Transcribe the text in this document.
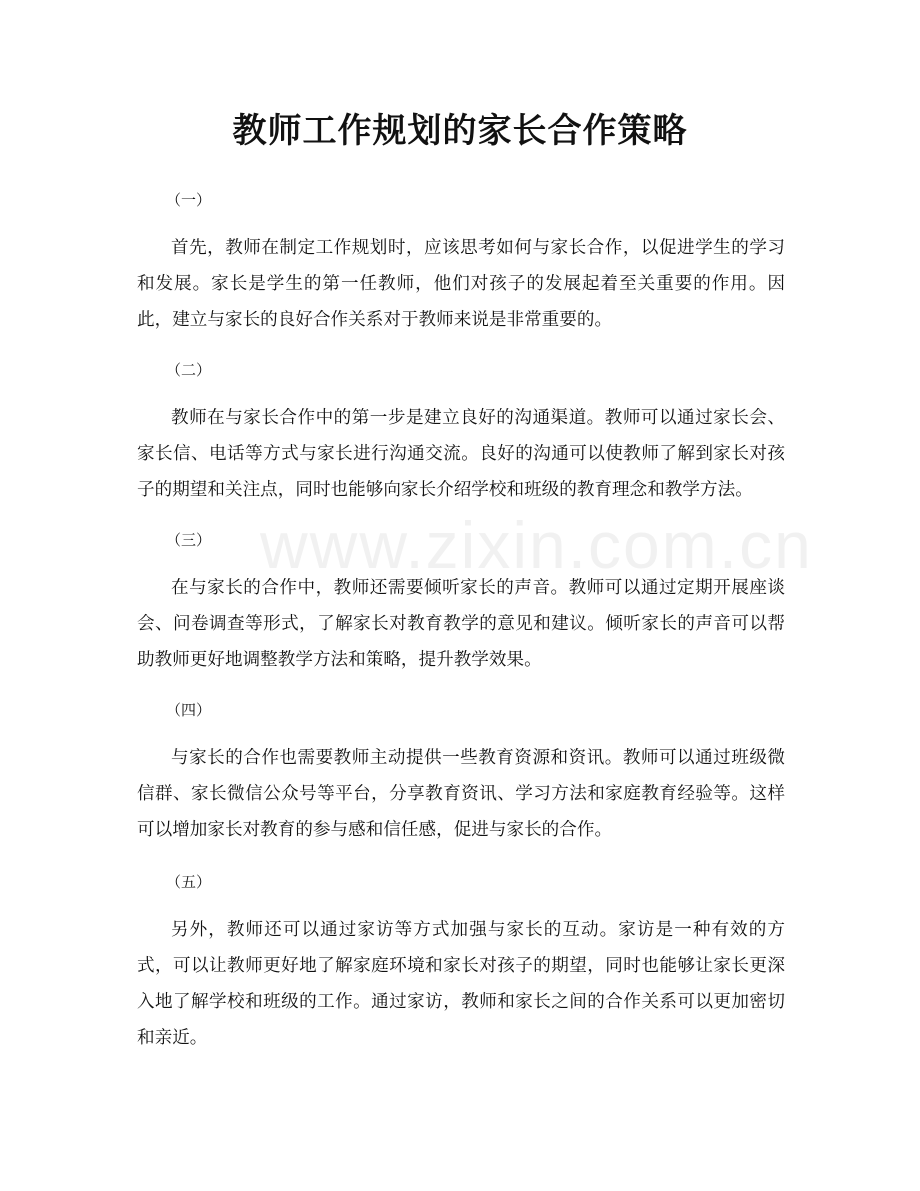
www.zixin.com.cn
教师工作规划的家长合作策略

（一）

首先，教师在制定工作规划时，应该思考如何与家长合作，以促进学生的学习和发展。家长是学生的第一任教师，他们对孩子的发展起着至关重要的作用。因此，建立与家长的良好合作关系对于教师来说是非常重要的。

（二）

教师在与家长合作中的第一步是建立良好的沟通渠道。教师可以通过家长会、家长信、电话等方式与家长进行沟通交流。良好的沟通可以使教师了解到家长对孩子的期望和关注点，同时也能够向家长介绍学校和班级的教育理念和教学方法。

（三）

在与家长的合作中，教师还需要倾听家长的声音。教师可以通过定期开展座谈会、问卷调查等形式，了解家长对教育教学的意见和建议。倾听家长的声音可以帮助教师更好地调整教学方法和策略，提升教学效果。

（四）

与家长的合作也需要教师主动提供一些教育资源和资讯。教师可以通过班级微信群、家长微信公众号等平台，分享教育资讯、学习方法和家庭教育经验等。这样可以增加家长对教育的参与感和信任感，促进与家长的合作。

（五）

另外，教师还可以通过家访等方式加强与家长的互动。家访是一种有效的方式，可以让教师更好地了解家庭环境和家长对孩子的期望，同时也能够让家长更深入地了解学校和班级的工作。通过家访，教师和家长之间的合作关系可以更加密切和亲近。
